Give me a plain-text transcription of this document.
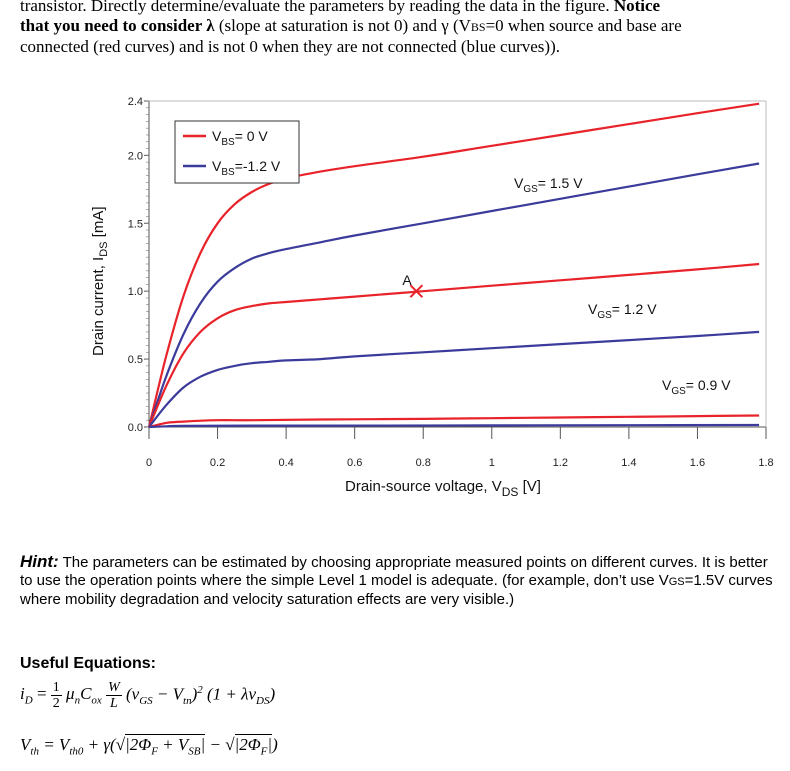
transistor. Directly determine/evaluate the parameters by reading the data in the figure. Notice
that you need to consider λ (slope at saturation is not 0) and γ (VBS=0 when source and base are
connected (red curves) and is not 0 when they are not connected (blue curves)).
0.0
0.5
1.0
1.5
2.0
2.4
0	0.2	0.4	0.6	0.8	1	1.2	1.4	1.6	1.8
$V_{BS}= 0$ V
$V_{BS}=-1.2$ V
$V_{GS}= 1.5$ V
$V_{GS}= 1.2$ V
$V_{GS}= 0.9$ V
A
Drain-source voltage, $V_{DS}$ [V]
Drain current, $I_{DS}$ [mA]
Hint: The parameters can be estimated by choosing appropriate measured points on different curves. It is better to use the operation points where the simple Level 1 model is adequate. (for example, don’t use VGS=1.5V curves where mobility degradation and velocity saturation effects are very visible.)
Useful Equations:
$i_D = \frac{1}{2} \mu_nC_{ox} \frac{W}{L} (v_{GS} - V_{tn})^2$ $(1 + \lambda v_{DS})$
$V_{th} = V_{th0} + \gamma(√|2\Phi_F + V_{SB}| - √|2\Phi_F|)$
